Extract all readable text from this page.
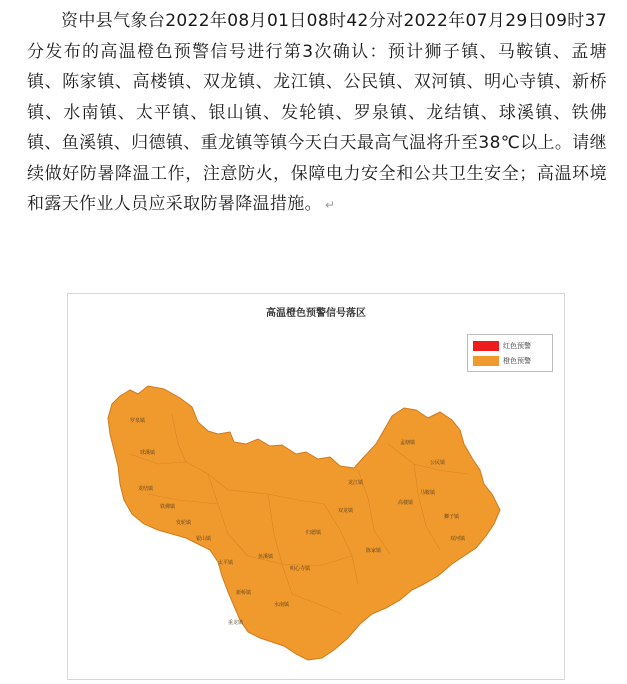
资中县气象台2022年08月01日08时42分对2022年07月29日09时37分发布的高温橙色预警信号进行第3次确认：预计狮子镇、马鞍镇、孟塘镇、陈家镇、高楼镇、双龙镇、龙江镇、公民镇、双河镇、明心寺镇、新桥镇、水南镇、太平镇、银山镇、发轮镇、罗泉镇、龙结镇、球溪镇、铁佛镇、鱼溪镇、归德镇、重龙镇等镇今天白天最高气温将升至38℃以上。请继续做好防暑降温工作，注意防火，保障电力安全和公共卫生安全；高温环境和露天作业人员应采取防暑降温措施。 ↵

罗泉镇
球溪镇
龙结镇
铁佛镇
发轮镇
银山镇
太平镇
新桥镇
重龙镇
水南镇
明心寺镇
鱼溪镇
归德镇
双龙镇
龙江镇
孟塘镇
公民镇
马鞍镇
高楼镇
狮子镇
双河镇
陈家镇
高温橙色预警信号落区
红色预警
橙色预警
